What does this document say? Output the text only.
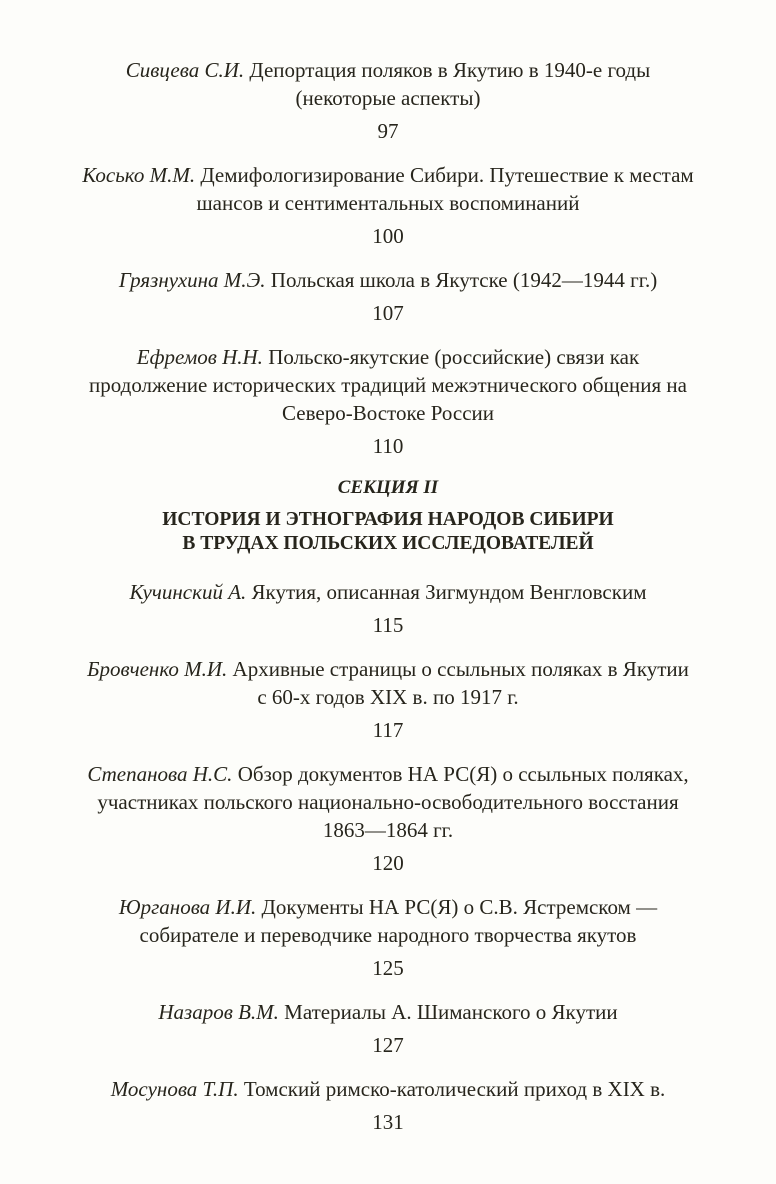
Сивцева С.И. Депортация поляков в Якутию в 1940-е годы
(некоторые аспекты)
97
Косько М.М. Демифологизирование Сибири. Путешествие к местам
шансов и сентиментальных воспоминаний
100
Грязнухина М.Э. Польская школа в Якутске (1942—1944 гг.)
107
Ефремов Н.Н. Польско-якутские (российские) связи как
продолжение исторических традиций межэтнического общения на
Северо-Востоке России
110
СЕКЦИЯ II
ИСТОРИЯ И ЭТНОГРАФИЯ НАРОДОВ СИБИРИ
В ТРУДАХ ПОЛЬСКИХ ИССЛЕДОВАТЕЛЕЙ
Кучинский А. Якутия, описанная Зигмундом Венгловским
115
Бровченко М.И. Архивные страницы о ссыльных поляках в Якутии
с 60-х годов XIX в. по 1917 г.
117
Степанова Н.С. Обзор документов НА РС(Я) о ссыльных поляках,
участниках польского национально-освободительного восстания
1863—1864 гг.
120
Юрганова И.И. Документы НА РС(Я) о С.В. Ястремском —
собирателе и переводчике народного творчества якутов
125
Назаров В.М. Материалы А. Шиманского о Якутии
127
Мосунова Т.П. Томский римско-католический приход в XIX в.
131
